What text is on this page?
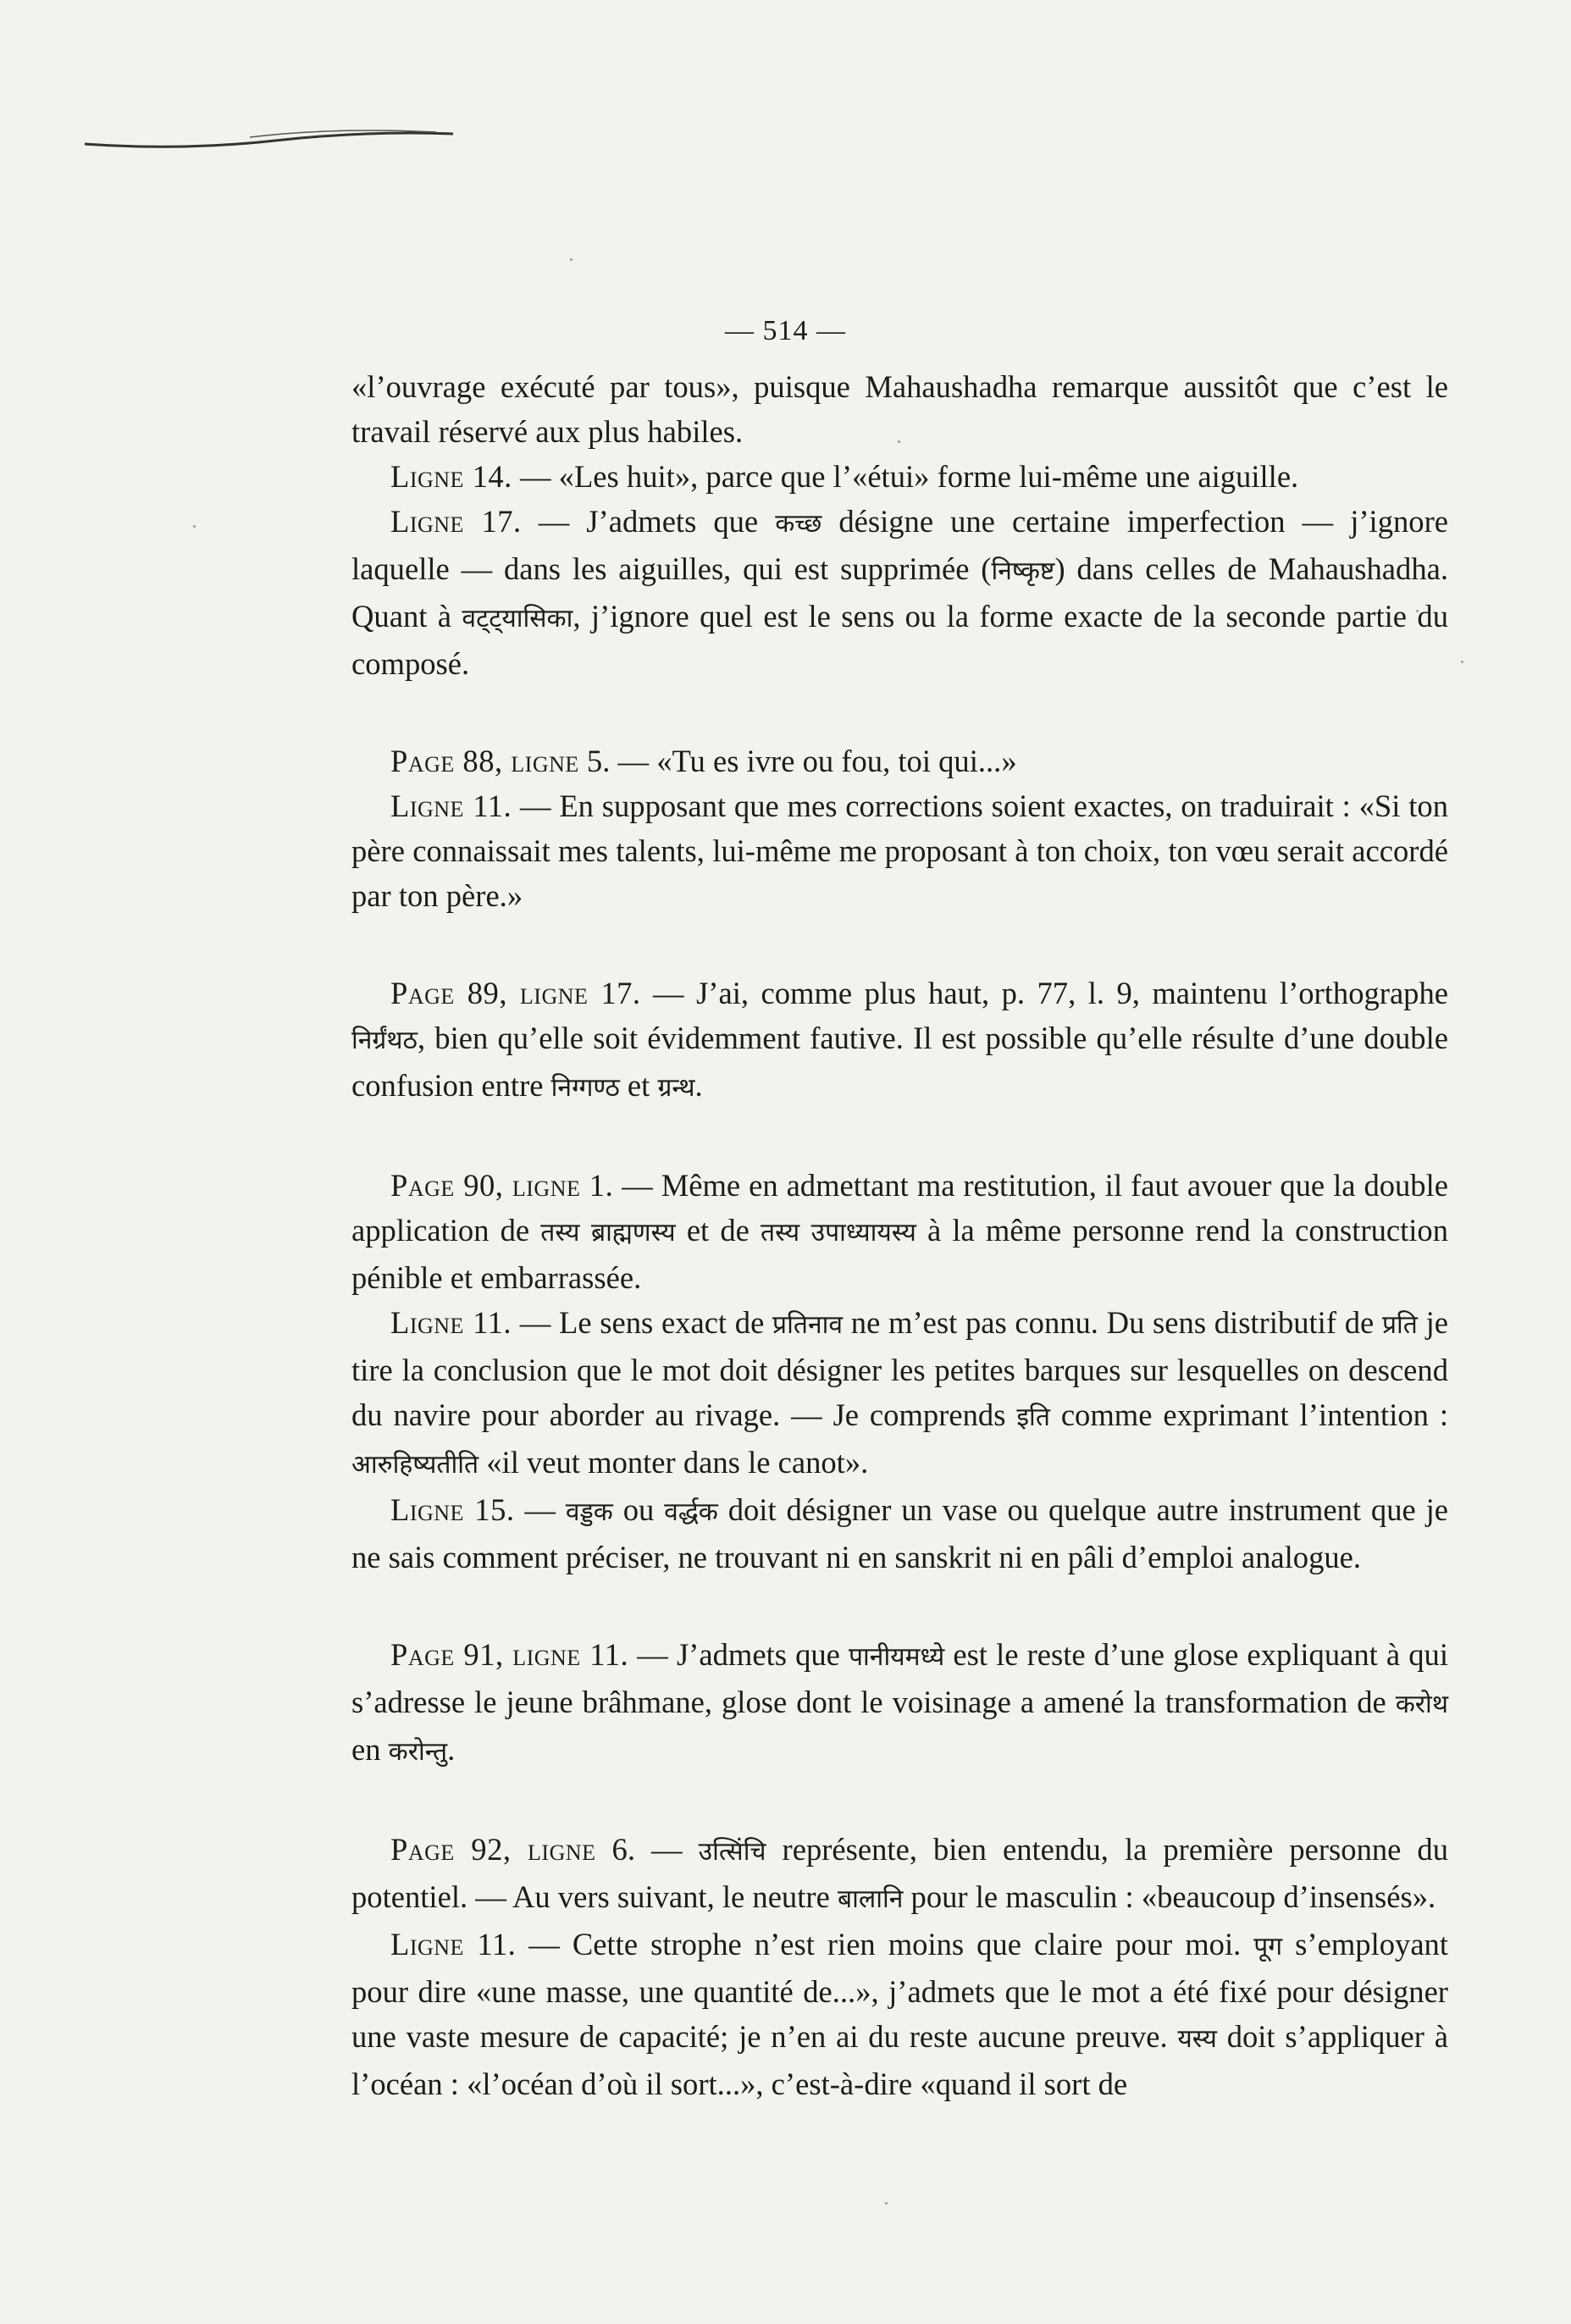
— 514 —

«l’ouvrage exécuté par tous», puisque Mahaushadha remarque aussitôt que c’est le travail réservé aux plus habiles.

Ligne 14. — «Les huit», parce que l’«étui» forme lui-même une aiguille.

Ligne 17. — J’admets que कच्छ désigne une certaine imperfection — j’ignore laquelle — dans les aiguilles, qui est supprimée (निष्कृष्ट) dans celles de Mahaushadha. Quant à वट्ट्यासिका, j’ignore quel est le sens ou la forme exacte de la seconde partie du composé.

Page 88, ligne 5. — «Tu es ivre ou fou, toi qui...»

Ligne 11. — En supposant que mes corrections soient exactes, on traduirait : «Si ton père connaissait mes talents, lui-même me proposant à ton choix, ton vœu serait accordé par ton père.»

Page 89, ligne 17. — J’ai, comme plus haut, p. 77, l. 9, maintenu l’orthographe निर्ग्रंथठ, bien qu’elle soit évidemment fautive. Il est possible qu’elle résulte d’une double confusion entre निग्गण्ठ et ग्रन्थ.

Page 90, ligne 1. — Même en admettant ma restitution, il faut avouer que la double application de तस्य ब्राह्मणस्य et de तस्य उपाध्यायस्य à la même personne rend la construction pénible et embarrassée.

Ligne 11. — Le sens exact de प्रतिनाव ne m’est pas connu. Du sens distributif de प्रति je tire la conclusion que le mot doit désigner les petites barques sur lesquelles on descend du navire pour aborder au rivage. — Je comprends इति comme exprimant l’intention : आरुहिष्यतीति «il veut monter dans le canot».

Ligne 15. — वड्डक ou वर्द्धक doit désigner un vase ou quelque autre instrument que je ne sais comment préciser, ne trouvant ni en sanskrit ni en pâli d’emploi analogue.

Page 91, ligne 11. — J’admets que पानीयमध्ये est le reste d’une glose expliquant à qui s’adresse le jeune brâhmane, glose dont le voisinage a amené la transformation de करोथ en करोन्तु.

Page 92, ligne 6. — उत्सिंचि représente, bien entendu, la première personne du potentiel. — Au vers suivant, le neutre बालानि pour le masculin : «beaucoup d’insensés».

Ligne 11. — Cette strophe n’est rien moins que claire pour moi. पूग s’employant pour dire «une masse, une quantité de...», j’admets que le mot a été fixé pour désigner une vaste mesure de capacité; je n’en ai du reste aucune preuve. यस्य doit s’appliquer à l’océan : «l’océan d’où il sort...», c’est-à-dire «quand il sort de
